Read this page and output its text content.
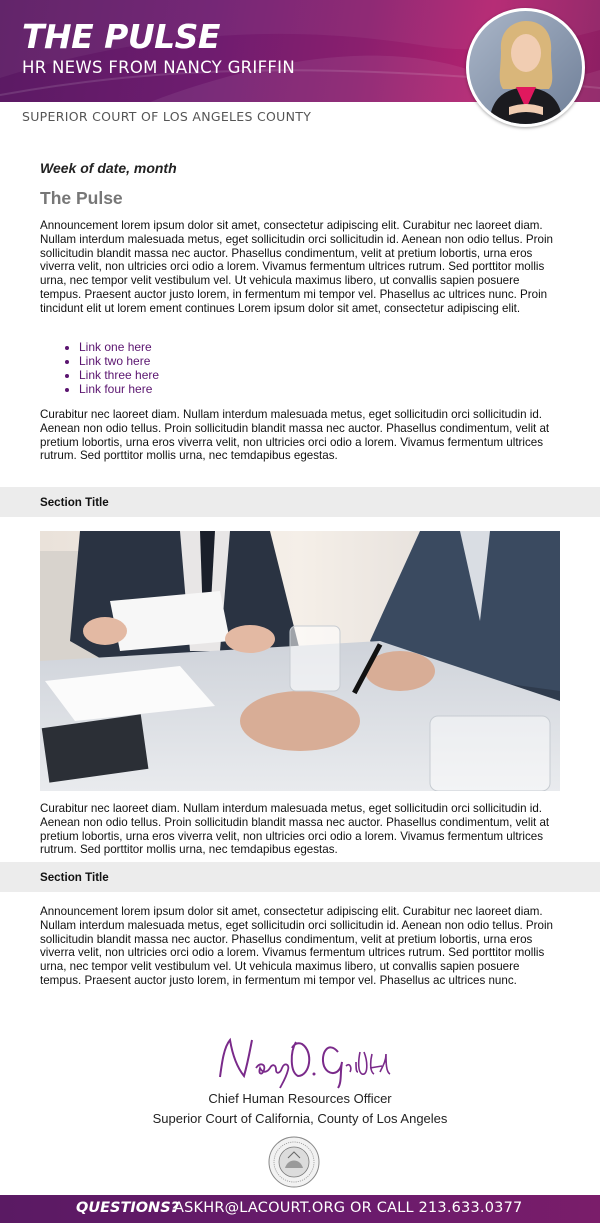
THE PULSE
HR NEWS FROM NANCY GRIFFIN
SUPERIOR COURT OF LOS ANGELES COUNTY
Week of date, month
The Pulse
Announcement lorem ipsum dolor sit amet, consectetur adipiscing elit. Curabitur nec laoreet diam. Nullam interdum malesuada metus, eget sollicitudin orci sollicitudin id. Aenean non odio tellus. Proin sollicitudin blandit massa nec auctor. Phasellus condimentum, velit at pretium lobortis, urna eros viverra velit, non ultricies orci odio a lorem. Vivamus fermentum ultrices rutrum. Sed porttitor mollis urna, nec tempor velit vestibulum vel. Ut vehicula maximus libero, ut convallis sapien posuere tempus. Praesent auctor justo lorem, in fermentum mi tempor vel. Phasellus ac ultrices nunc. Proin tincidunt elit ut lorem ement continues Lorem ipsum dolor sit amet, consectetur adipiscing elit.
• Link one here
• Link two here
• Link three here
• Link four here
Curabitur nec laoreet diam. Nullam interdum malesuada metus, eget sollicitudin orci sollicitudin id. Aenean non odio tellus. Proin sollicitudin blandit massa nec auctor. Phasellus condimentum, velit at pretium lobortis, urna eros viverra velit, non ultricies orci odio a lorem. Vivamus fermentum ultrices rutrum. Sed porttitor mollis urna, nec temdapibus egestas.
Section Title
Curabitur nec laoreet diam. Nullam interdum malesuada metus, eget sollicitudin orci sollicitudin id. Aenean non odio tellus. Proin sollicitudin blandit massa nec auctor. Phasellus condimentum, velit at pretium lobortis, urna eros viverra velit, non ultricies orci odio a lorem. Vivamus fermentum ultrices rutrum. Sed porttitor mollis urna, nec temdapibus egestas.
Section Title
Announcement lorem ipsum dolor sit amet, consectetur adipiscing elit. Curabitur nec laoreet diam. Nullam interdum malesuada metus, eget sollicitudin orci sollicitudin id. Aenean non odio tellus. Proin sollicitudin blandit massa nec auctor. Phasellus condimentum, velit at pretium lobortis, urna eros viverra velit, non ultricies orci odio a lorem. Vivamus fermentum ultrices rutrum. Sed porttitor mollis urna, nec tempor velit vestibulum vel. Ut vehicula maximus libero, ut convallis sapien posuere tempus. Praesent auctor justo lorem, in fermentum mi tempor vel. Phasellus ac ultrices nunc.
Chief Human Resources Officer
Superior Court of California, County of Los Angeles
QUESTIONS?
ASKHR@LACOURT.ORG OR CALL 213.633.0377
